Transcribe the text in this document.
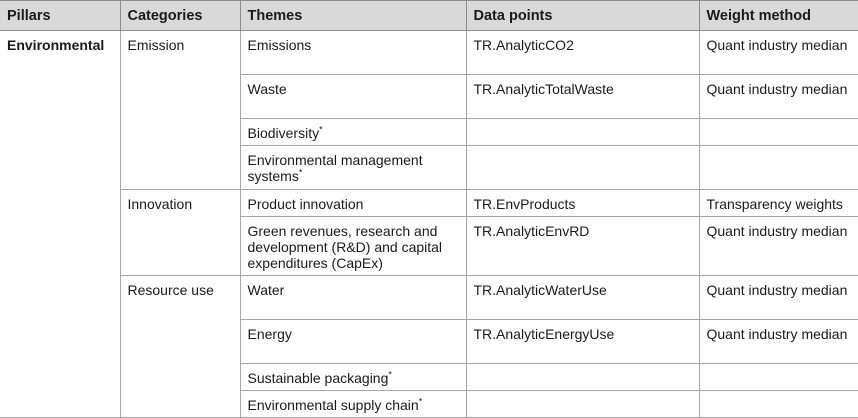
Pillars	Categories	Themes	Data points	Weight method
Environmental	Emission	Emissions	TR.AnalyticCO2	Quant industry median
		Waste	TR.AnalyticTotalWaste	Quant industry median
		Biodiversity*		
		Environmental management systems*		
	Innovation	Product innovation	TR.EnvProducts	Transparency weights
		Green revenues, research and development (R&D) and capital expenditures (CapEx)	TR.AnalyticEnvRD	Quant industry median
	Resource use	Water	TR.AnalyticWaterUse	Quant industry median
		Energy	TR.AnalyticEnergyUse	Quant industry median
		Sustainable packaging*		
		Environmental supply chain*		
